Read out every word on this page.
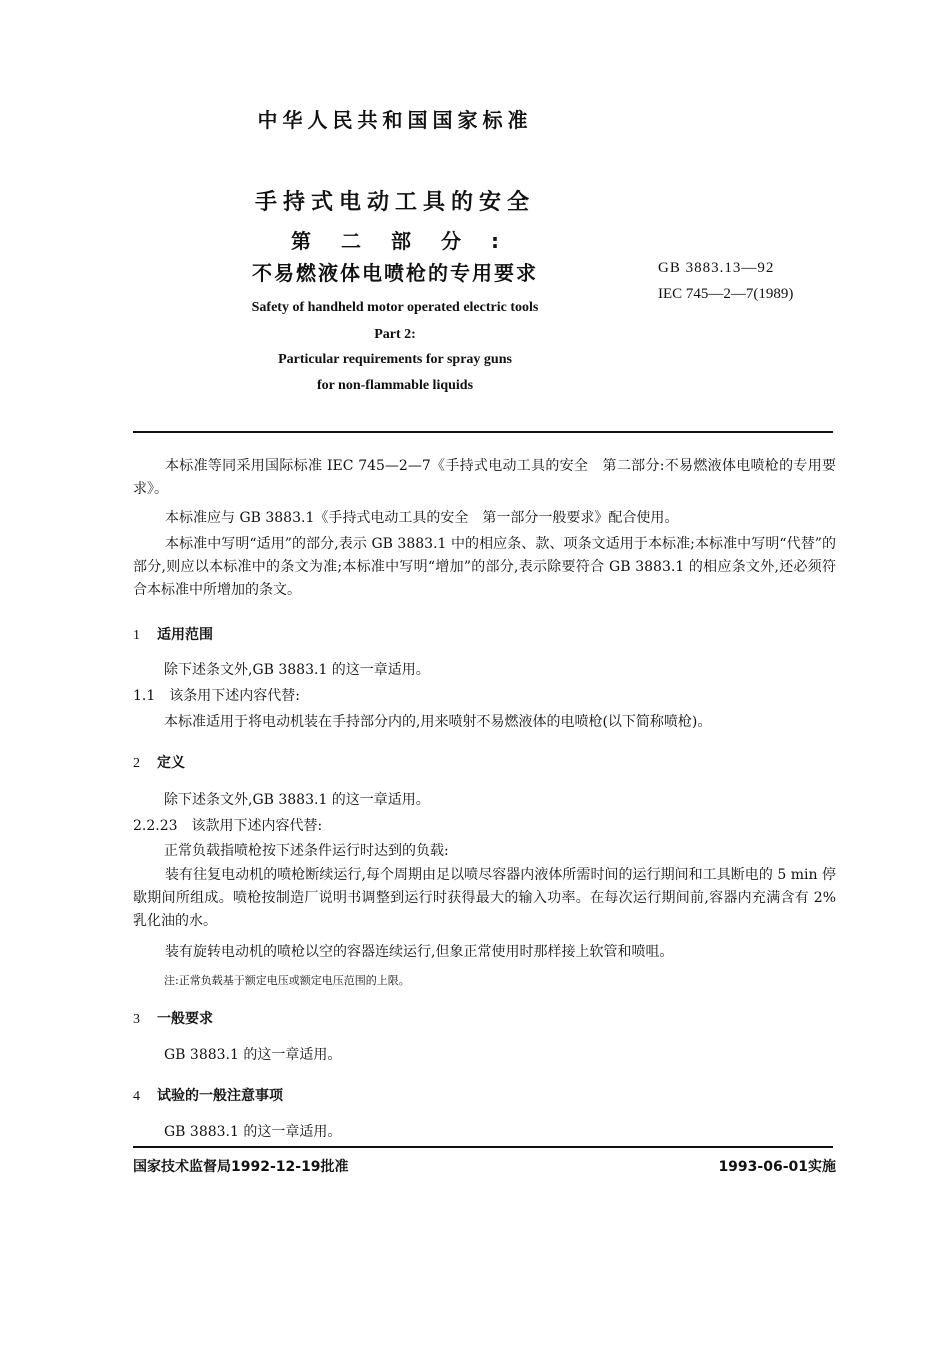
中华人民共和国国家标准
手持式电动工具的安全
第二部分:
不易燃液体电喷枪的专用要求	GB 3883.13—92
IEC 745—2—7(1989)
Safety of handheld motor operated electric tools
Part 2:
Particular requirements for spray guns
for non-flammable liquids
本标准等同采用国际标准 IEC 745—2—7《手持式电动工具的安全　第二部分:不易燃液体电喷枪的专用要求》。
本标准应与 GB 3883.1《手持式电动工具的安全　第一部分一般要求》配合使用。
本标准中写明“适用”的部分,表示 GB 3883.1 中的相应条、款、项条文适用于本标准;本标准中写明“代替”的部分,则应以本标准中的条文为准;本标准中写明“增加”的部分,表示除要符合 GB 3883.1 的相应条文外,还必须符合本标准中所增加的条文。
1 适用范围
除下述条文外,GB 3883.1 的这一章适用。
1.1　该条用下述内容代替:
本标准适用于将电动机装在手持部分内的,用来喷射不易燃液体的电喷枪(以下简称喷枪)。
2 定义
除下述条文外,GB 3883.1 的这一章适用。
2.2.23　该款用下述内容代替:
正常负载指喷枪按下述条件运行时达到的负载:
装有往复电动机的喷枪断续运行,每个周期由足以喷尽容器内液体所需时间的运行期间和工具断电的 5 min 停歇期间所组成。喷枪按制造厂说明书调整到运行时获得最大的输入功率。在每次运行期间前,容器内充满含有 2%乳化油的水。
装有旋转电动机的喷枪以空的容器连续运行,但象正常使用时那样接上软管和喷咀。
注:正常负载基于额定电压或额定电压范围的上限。
3 一般要求
GB 3883.1 的这一章适用。
4 试验的一般注意事项
GB 3883.1 的这一章适用。
国家技术监督局1992-12-19批准	1993-06-01实施
